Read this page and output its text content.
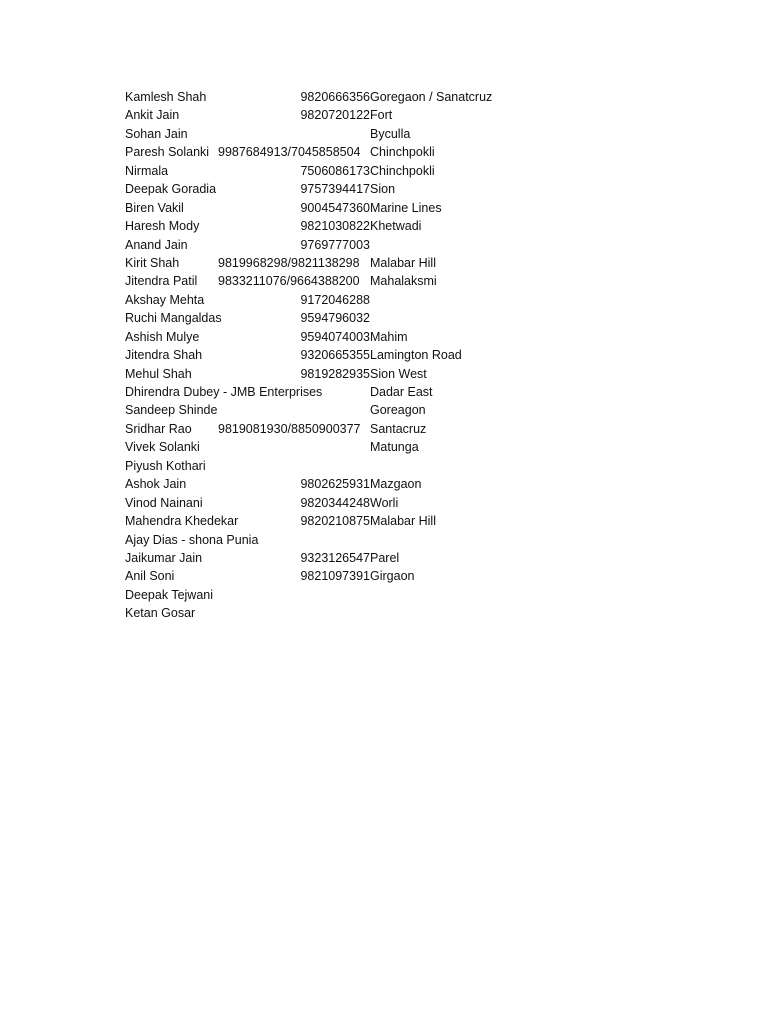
Kamlesh Shah	9820666356 Goregaon / Sanatcruz
Ankit Jain	9820720122 Fort
Sohan Jain	Byculla
Paresh Solanki 9987684913/7045858504 Chinchpokli
Nirmala	7506086173 Chinchpokli
Deepak Goradia	9757394417 Sion
Biren Vakil	9004547360 Marine Lines
Haresh Mody	9821030822 Khetwadi
Anand Jain	9769777003
Kirit Shah	9819968298/9821138298 Malabar Hill
Jitendra Patil	9833211076/9664388200 Mahalaksmi
Akshay Mehta	9172046288
Ruchi Mangaldas	9594796032
Ashish Mulye	9594074003 Mahim
Jitendra Shah	9320665355 Lamington Road
Mehul Shah	9819282935 Sion West
Dhirendra Dubey - JMB Enterprises	Dadar East
Sandeep Shinde	Goreagon
Sridhar Rao	9819081930/8850900377 Santacruz
Vivek Solanki	Matunga
Piyush Kothari
Ashok Jain	9802625931 Mazgaon
Vinod Nainani	9820344248 Worli
Mahendra Khedekar	9820210875 Malabar Hill
Ajay Dias - shona Punia
Jaikumar Jain	9323126547 Parel
Anil Soni	9821097391 Girgaon
Deepak Tejwani
Ketan Gosar
